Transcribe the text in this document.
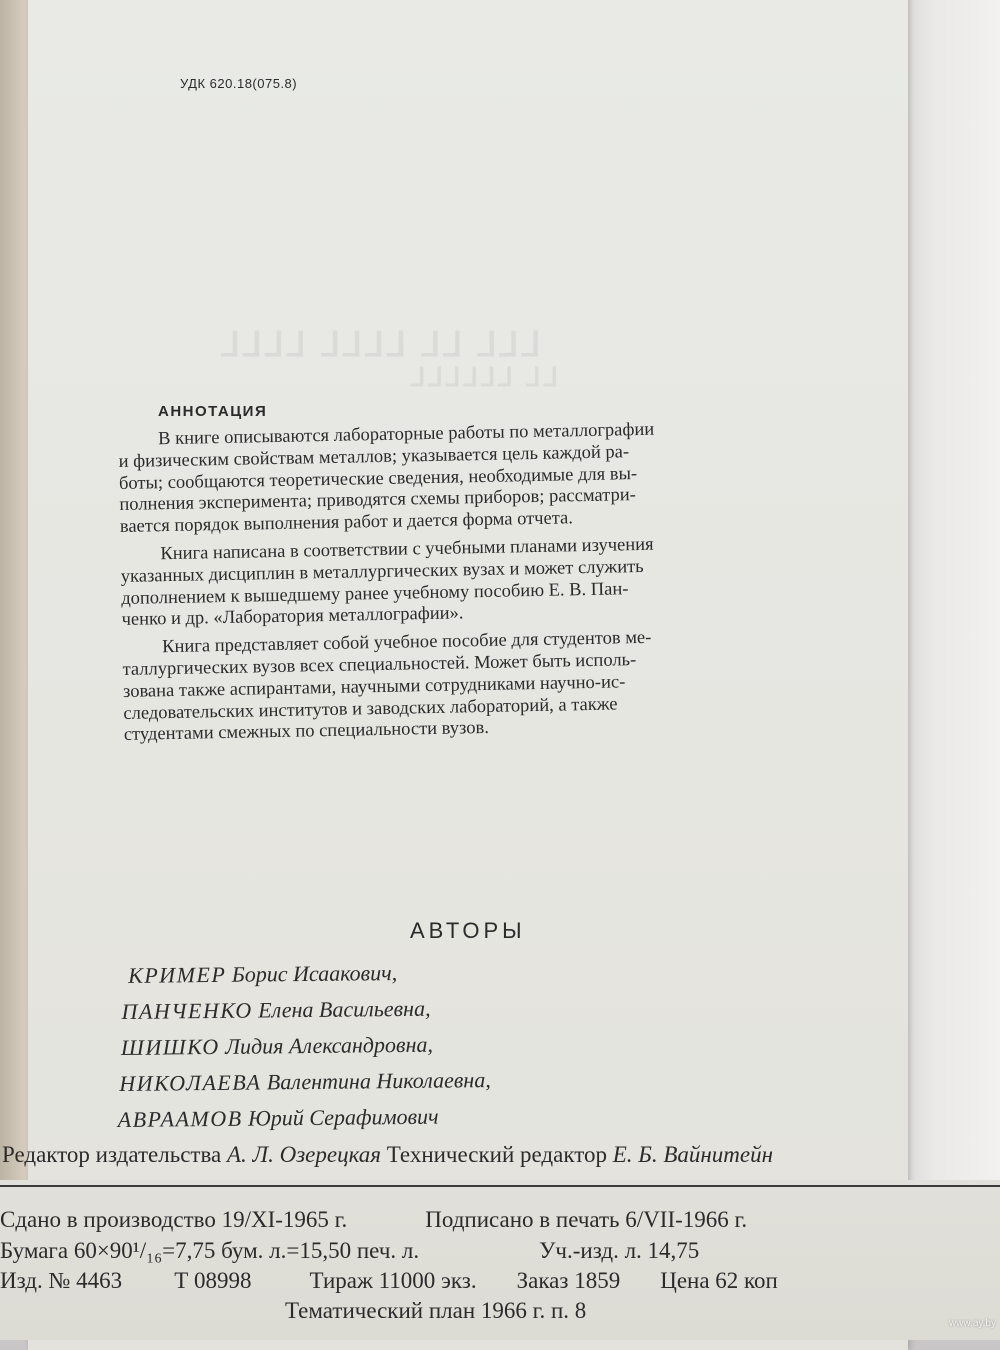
ⅬⅬⅬ ⅬⅬ ⅬⅬⅬⅬ ⅬⅬⅬⅬ
ⅬⅬ ⅬⅬⅬⅬⅬⅬ
УДК 620.18(075.8)
АННОТАЦИЯ
В книге описываются лабораторные работы по металлографии
и физическим свойствам металлов; указывается цель каждой ра-
боты; сообщаются теоретические сведения, необходимые для вы-
полнения эксперимента; приводятся схемы приборов; рассматри-
вается порядок выполнения работ и дается форма отчета.
Книга написана в соответствии с учебными планами изучения
указанных дисциплин в металлургических вузах и может служить
дополнением к вышедшему ранее учебному пособию Е. В. Пан-
ченко и др. «Лаборатория металлографии».
Книга представляет собой учебное пособие для студентов ме-
таллургических вузов всех специальностей. Может быть исполь-
зована также аспирантами, научными сотрудниками научно-ис-
следовательских институтов и заводских лабораторий, а также
студентами смежных по специальности вузов.
АВТОРЫ
КРИМЕР Борис Исаакович,
ПАНЧЕНКО Елена Васильевна,
ШИШКО Лидия Александровна,
НИКОЛАЕВА Валентина Николаевна,
АВРААМОВ Юрий Серафимович
Редактор издательства А. Л. Озерецкая Технический редактор Е. Б. Вайнитейн
Сдано в производство 19/XI-1965 г.	Подписано в печать 6/VII-1966 г.
Бумага 60×90¹/₁₆=7,75 бум. л.=15,50 печ. л.	Уч.-изд. л. 14,75
Изд. № 4463 Т 08998	Тираж 11000 экз. Заказ 1859 Цена 62 коп
Тематический план 1966 г. п. 8
www.ay.by
